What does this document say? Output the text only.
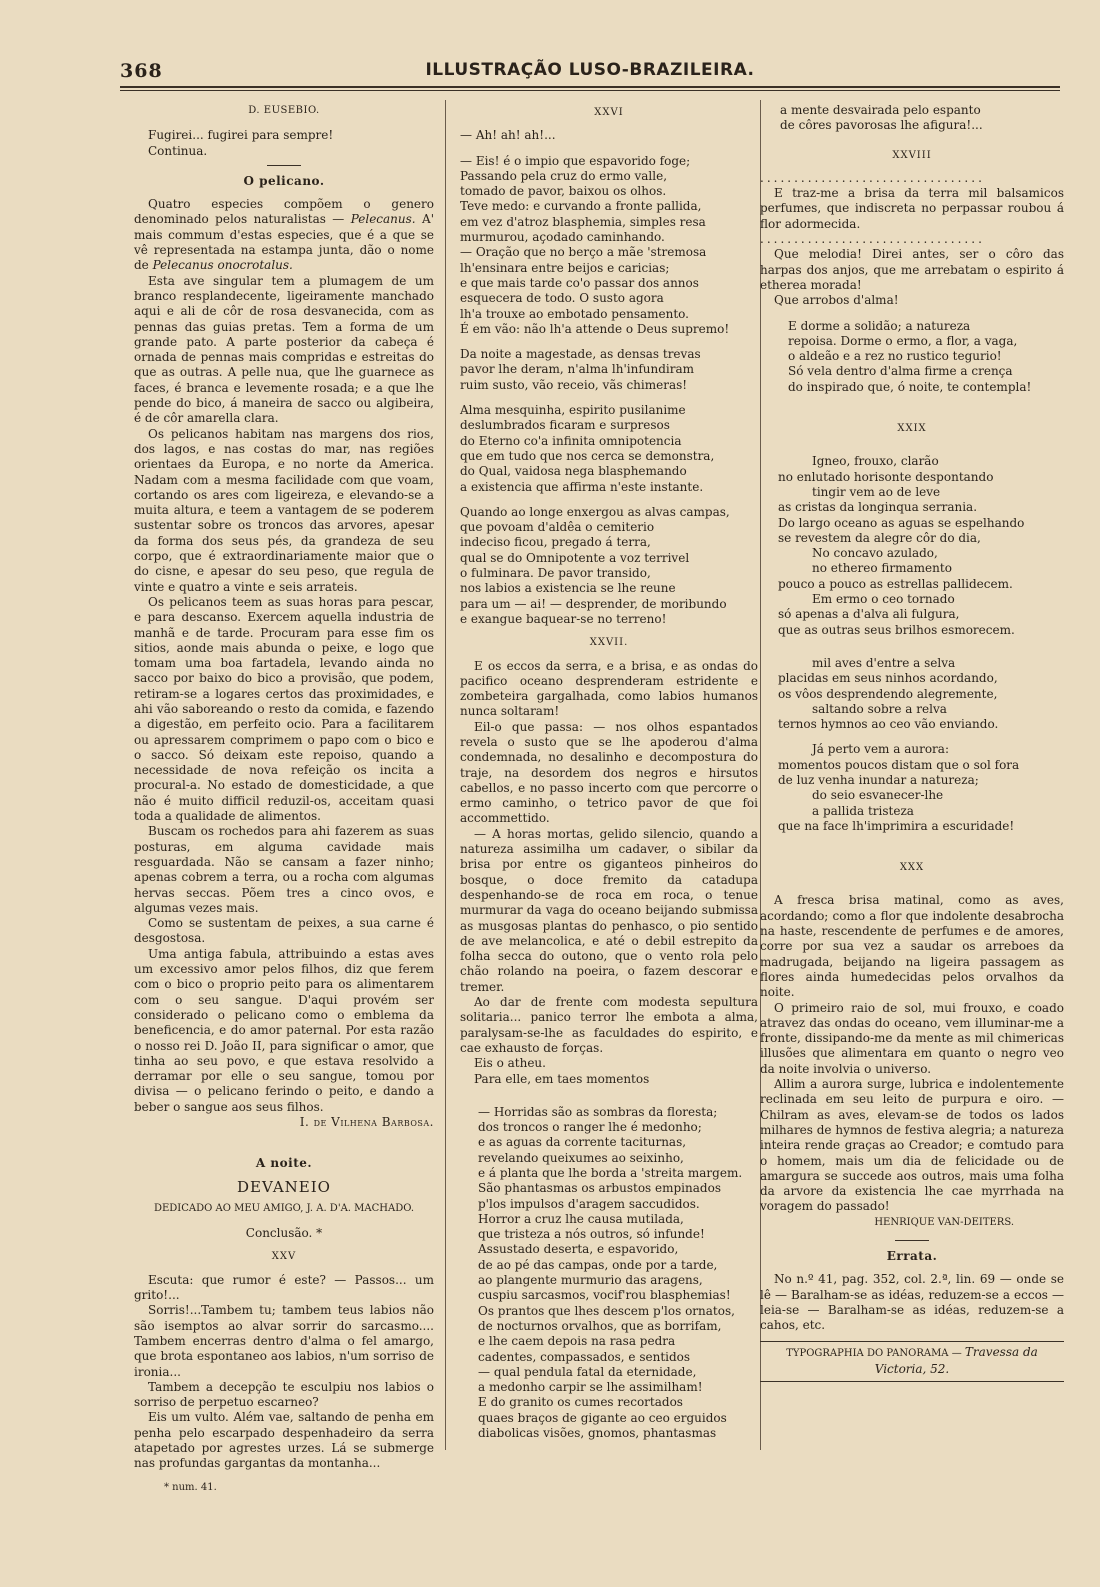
368	ILLUSTRAÇÃO LUSO-BRAZILEIRA.

D. EUSEBIO.

Fugirei... fugirei para sempre!

Continua.

O pelicano.

Quatro especies compõem o genero denominado pelos naturalistas — Pelecanus. A' mais commum d'estas especies, que é a que se vê representada na estampa junta, dão o nome de Pelecanus onocrotalus.

Esta ave singular tem a plumagem de um branco resplandecente, ligeiramente manchado aqui e ali de côr de rosa desvanecida, com as pennas das guias pretas. Tem a forma de um grande pato. A parte posterior da cabeça é ornada de pennas mais compridas e estreitas do que as outras. A pelle nua, que lhe guarnece as faces, é branca e levemente rosada; e a que lhe pende do bico, á maneira de sacco ou algibeira, é de côr amarella clara.

Os pelicanos habitam nas margens dos rios, dos lagos, e nas costas do mar, nas regiões orientaes da Europa, e no norte da America. Nadam com a mesma facilidade com que voam, cortando os ares com ligeireza, e elevando-se a muita altura, e teem a vantagem de se poderem sustentar sobre os troncos das arvores, apesar da forma dos seus pés, da grandeza de seu corpo, que é extraordinariamente maior que o do cisne, e apesar do seu peso, que regula de vinte e quatro a vinte e seis arrateis.

Os pelicanos teem as suas horas para pescar, e para descanso. Exercem aquella industria de manhã e de tarde. Procuram para esse fim os sitios, aonde mais abunda o peixe, e logo que tomam uma boa fartadela, levando ainda no sacco por baixo do bico a provisão, que podem, retiram-se a logares certos das proximidades, e ahi vão saboreando o resto da comida, e fazendo a digestão, em perfeito ocio. Para a facilitarem ou apressarem comprimem o papo com o bico e o sacco. Só deixam este repoiso, quando a necessidade de nova refeição os incita a procural-a. No estado de domesticidade, a que não é muito difficil reduzil-os, acceitam quasi toda a qualidade de alimentos.

Buscam os rochedos para ahi fazerem as suas posturas, em alguma cavidade mais resguardada. Não se cansam a fazer ninho; apenas cobrem a terra, ou a rocha com algumas hervas seccas. Põem tres a cinco ovos, e algumas vezes mais.

Como se sustentam de peixes, a sua carne é desgostosa.

Uma antiga fabula, attribuindo a estas aves um excessivo amor pelos filhos, diz que ferem com o bico o proprio peito para os alimentarem com o seu sangue. D'aqui provém ser considerado o pelicano como o emblema da beneficencia, e do amor paternal. Por esta razão o nosso rei D. João II, para significar o amor, que tinha ao seu povo, e que estava resolvido a derramar por elle o seu sangue, tomou por divisa — o pelicano ferindo o peito, e dando a beber o sangue aos seus filhos.

I. de Vilhena Barbosa.

A noite.
DEVANEIO

DEDICADO AO MEU AMIGO, J. A. D'A. MACHADO.

Conclusão. *

XXV

Escuta: que rumor é este? — Passos... um grito!...

Sorris!...Tambem tu; tambem teus labios não são isemptos ao alvar sorrir do sarcasmo.... Tambem encerras dentro d'alma o fel amargo, que brota espontaneo aos labios, n'um sorriso de ironia...

Tambem a decepção te esculpiu nos labios o sorriso de perpetuo escarneo?

Eis um vulto. Além vae, saltando de penha em penha pelo escarpado despenhadeiro da serra atapetado por agrestes urzes. Lá se submerge nas profundas gargantas da montanha...

* num. 41.

XXVI

— Ah! ah! ah!...

— Eis! é o impio que espavorido foge;
Passando pela cruz do ermo valle,
tomado de pavor, baixou os olhos.
Teve medo: e curvando a fronte pallida,
em vez d'atroz blasphemia, simples resa
murmurou, açodado caminhando.
— Oração que no berço a mãe 'stremosa
lh'ensinara entre beijos e caricias;
e que mais tarde co'o passar dos annos
esquecera de todo. O susto agora
lh'a trouxe ao embotado pensamento.
É em vão: não lh'a attende o Deus supremo!
Da noite a magestade, as densas trevas
pavor lhe deram, n'alma lh'infundiram
ruim susto, vão receio, vãs chimeras!
Alma mesquinha, espirito pusilanime
deslumbrados ficaram e surpresos
do Eterno co'a infinita omnipotencia
que em tudo que nos cerca se demonstra,
do Qual, vaidosa nega blasphemando
a existencia que affirma n'este instante.
Quando ao longe enxergou as alvas campas,
que povoam d'aldêa o cemiterio
indeciso ficou, pregado á terra,
qual se do Omnipotente a voz terrivel
o fulminara. De pavor transido,
nos labios a existencia se lhe reune
para um — ai! — desprender, de moribundo
e exangue baquear-se no terreno!
XXVII.

E os eccos da serra, e a brisa, e as ondas do pacifico oceano desprenderam estridente e zombeteira gargalhada, como labios humanos nunca soltaram!

Eil-o que passa: — nos olhos espantados revela o susto que se lhe apoderou d'alma condemnada, no desalinho e decompostura do traje, na desordem dos negros e hirsutos cabellos, e no passo incerto com que percorre o ermo caminho, o tetrico pavor de que foi accommettido.

— A horas mortas, gelido silencio, quando a natureza assimilha um cadaver, o sibilar da brisa por entre os giganteos pinheiros do bosque, o doce fremito da catadupa despenhando-se de roca em roca, o tenue murmurar da vaga do oceano beijando submissa as musgosas plantas do penhasco, o pio sentido de ave melancolica, e até o debil estrepito da folha secca do outono, que o vento rola pelo chão rolando na poeira, o fazem descorar e tremer.

Ao dar de frente com modesta sepultura solitaria... panico terror lhe embota a alma, paralysam-se-lhe as faculdades do espirito, e cae exhausto de forças.

Eis o atheu.

Para elle, em taes momentos

— Horridas são as sombras da floresta;
dos troncos o ranger lhe é medonho;
e as aguas da corrente taciturnas,
revelando queixumes ao seixinho,
e á planta que lhe borda a 'streita margem.
São phantasmas os arbustos empinados
p'los impulsos d'aragem saccudidos.
Horror a cruz lhe causa mutilada,
que tristeza a nós outros, só infunde!
Assustado deserta, e espavorido,
de ao pé das campas, onde por a tarde,
ao plangente murmurio das aragens,
cuspiu sarcasmos, vocif'rou blasphemias!
Os prantos que lhes descem p'los ornatos,
de nocturnos orvalhos, que as borrifam,
e lhe caem depois na rasa pedra
cadentes, compassados, e sentidos
— qual pendula fatal da eternidade,
a medonho carpir se lhe assimilham!
E do granito os cumes recortados
quaes braços de gigante ao ceo erguidos
diabolicas visões, gnomos, phantasmas
a mente desvairada pelo espanto
de côres pavorosas lhe afigura!...
XXVIII

.................................

E traz-me a brisa da terra mil balsamicos perfumes, que indiscreta no perpassar roubou á flor adormecida.

.................................

Que melodia! Direi antes, ser o côro das harpas dos anjos, que me arrebatam o espirito á etherea morada!

Que arrobos d'alma!

E dorme a solidão; a natureza
repoisa. Dorme o ermo, a flor, a vaga,
o aldeão e a rez no rustico tegurio!
Só vela dentro d'alma firme a crença
do inspirado que, ó noite, te contempla!
XXIX
Igneo, frouxo, clarão
no enlutado horisonte despontando
tingir vem ao de leve
as cristas da longinqua serrania.
Do largo oceano as aguas se espelhando
se revestem da alegre côr do dia,
No concavo azulado,
no ethereo firmamento
pouco a pouco as estrellas pallidecem.
Em ermo o ceo tornado
só apenas a d'alva ali fulgura,
que as outras seus brilhos esmorecem.
mil aves d'entre a selva
placidas em seus ninhos acordando,
os vôos desprendendo alegremente,
saltando sobre a relva
ternos hymnos ao ceo vão enviando.
Já perto vem a aurora:
momentos poucos distam que o sol fora
de luz venha inundar a natureza;
do seio esvanecer-lhe
a pallida tristeza
que na face lh'imprimira a escuridade!
XXX

A fresca brisa matinal, como as aves, acordando; como a flor que indolente desabrocha na haste, rescendente de perfumes e de amores, corre por sua vez a saudar os arreboes da madrugada, beijando na ligeira passagem as flores ainda humedecidas pelos orvalhos da noite.

O primeiro raio de sol, mui frouxo, e coado atravez das ondas do oceano, vem illuminar-me a fronte, dissipando-me da mente as mil chimericas illusões que alimentara em quanto o negro veo da noite involvia o universo.

Allim a aurora surge, lubrica e indolentemente reclinada em seu leito de purpura e oiro. — Chilram as aves, elevam-se de todos os lados milhares de hymnos de festiva alegria; a natureza inteira rende graças ao Creador; e comtudo para o homem, mais um dia de felicidade ou de amargura se succede aos outros, mais uma folha da arvore da existencia lhe cae myrrhada na voragem do passado!

HENRIQUE VAN-DEITERS.

Errata.

No n.º 41, pag. 352, col. 2.ª, lin. 69 — onde se lê — Baralham-se as idéas, reduzem-se a eccos — leia-se — Baralham-se as idéas, reduzem-se a cahos, etc.

TYPOGRAPHIA DO PANORAMA — Travessa da Victoria, 52.
